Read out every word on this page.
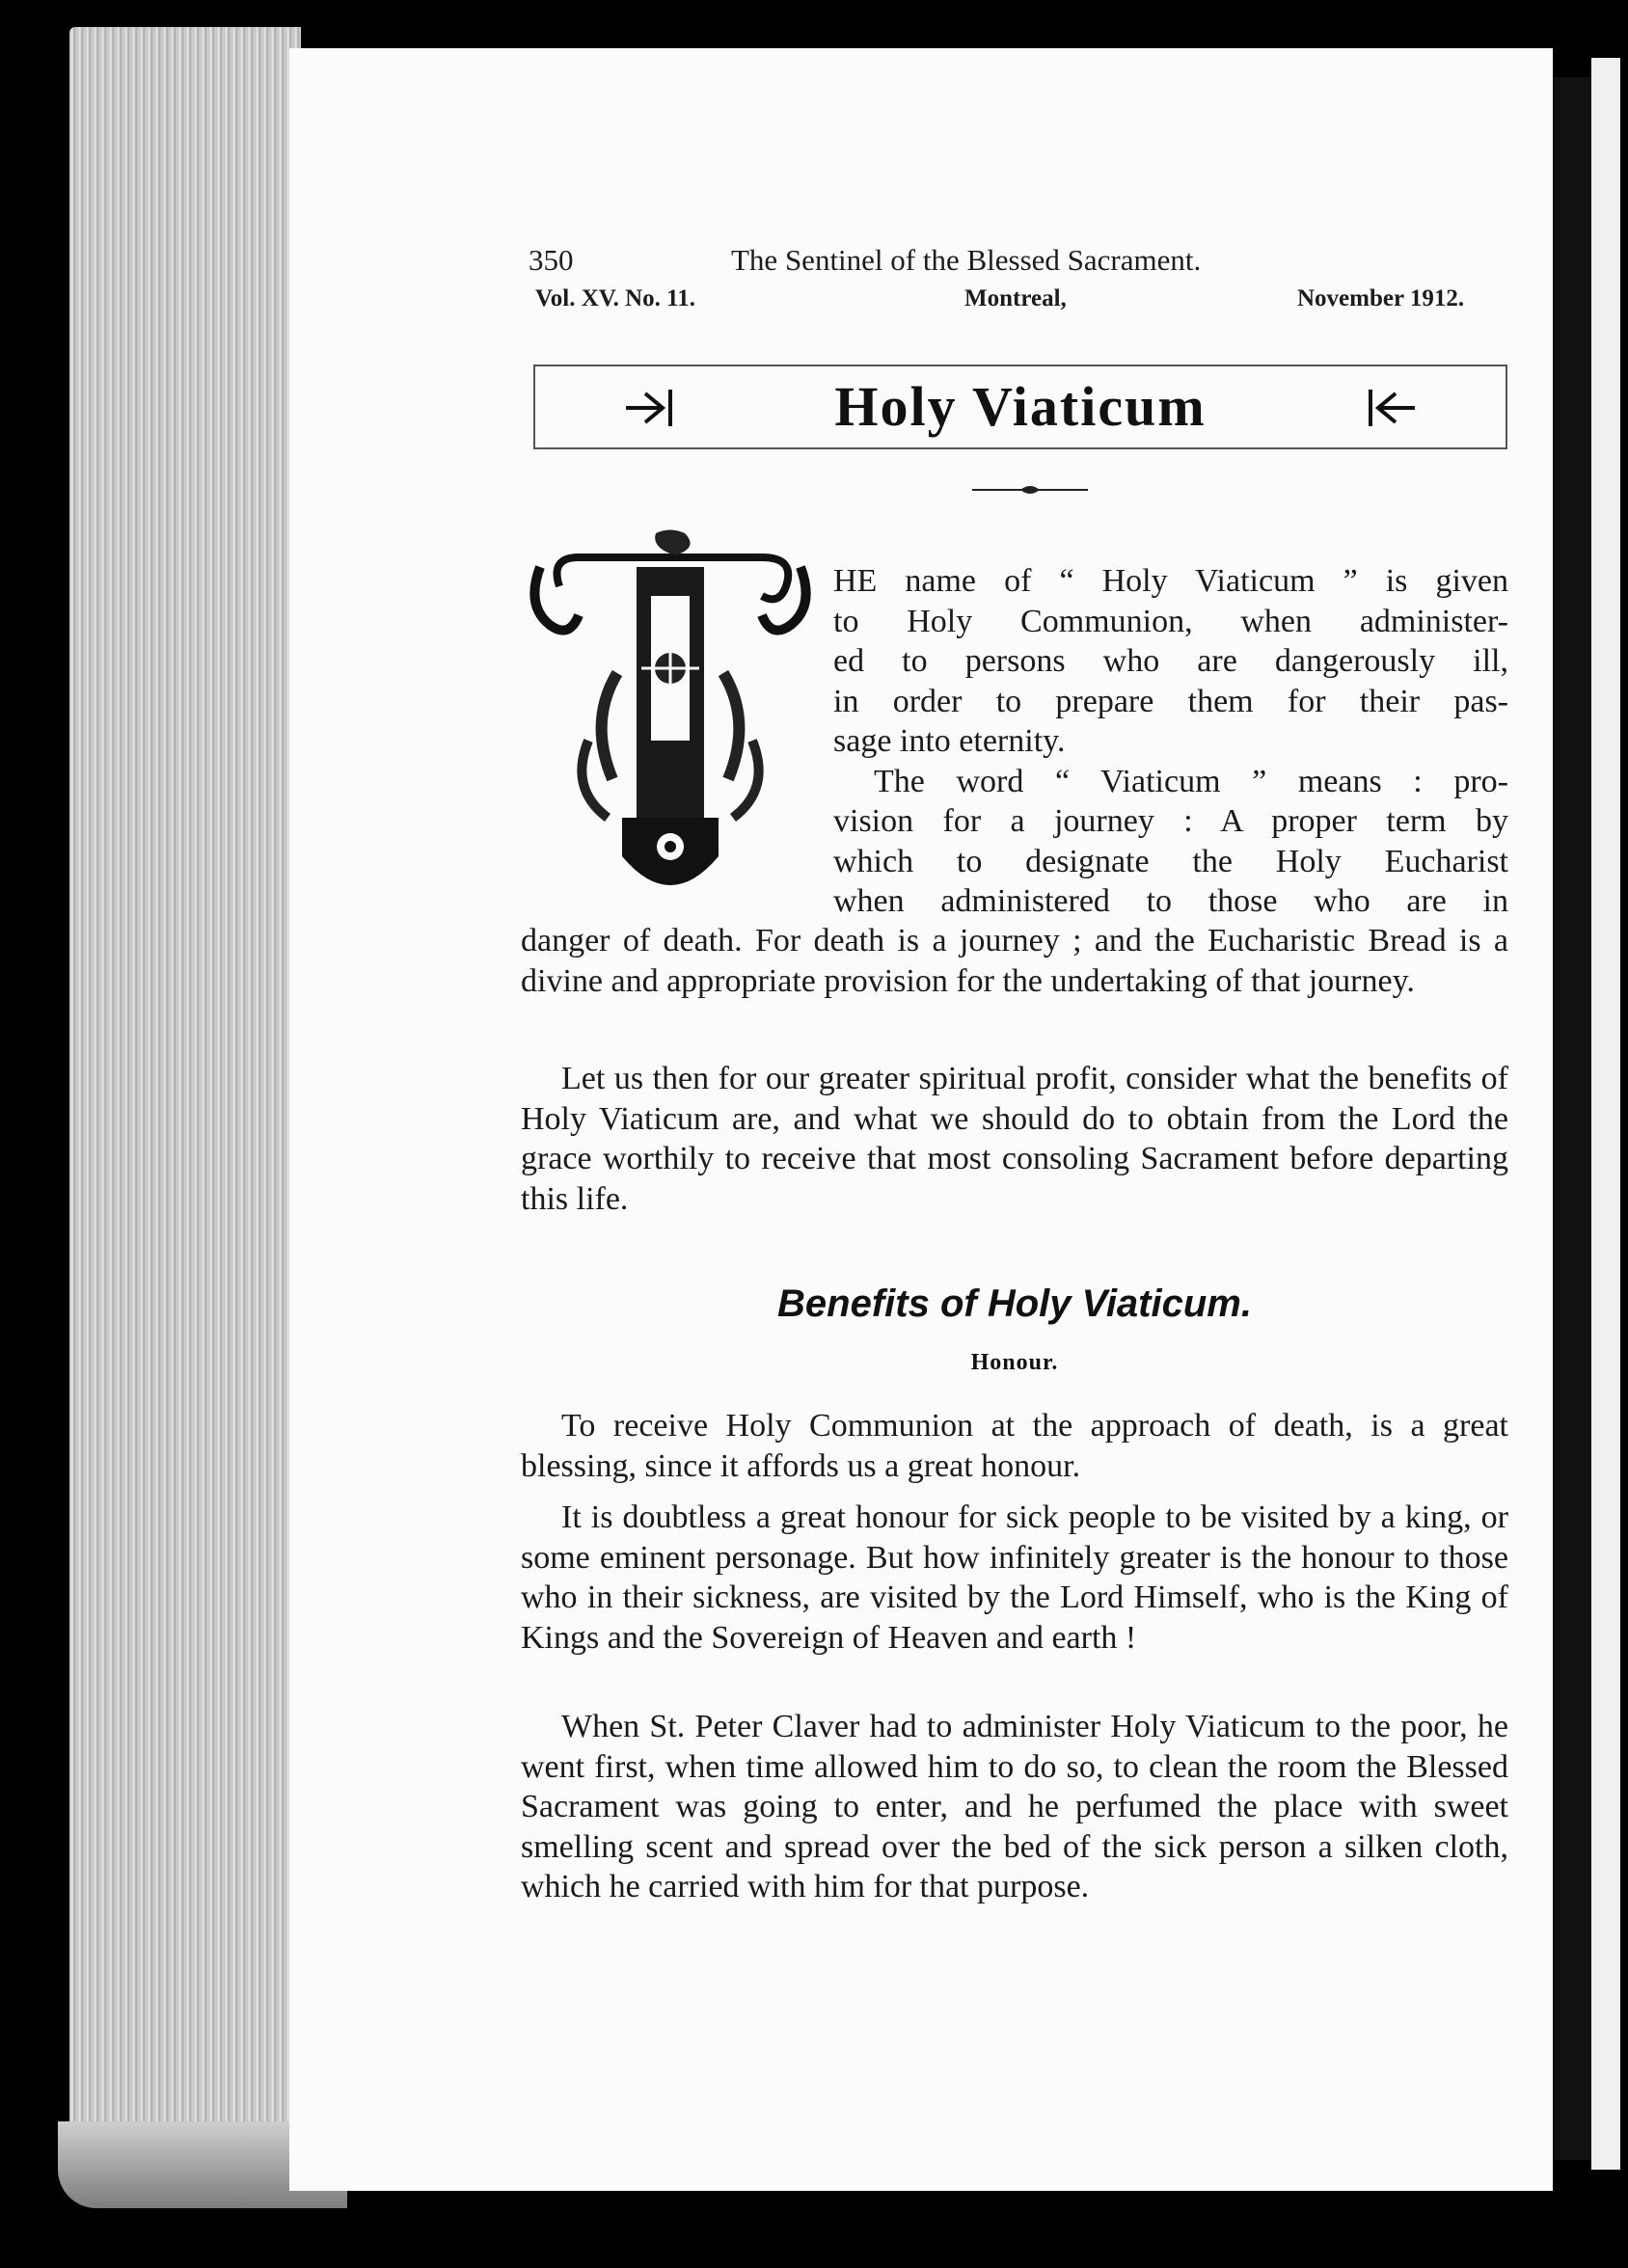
350	The Sentinel of the Blessed Sacrament.
Vol. XV. No. 11.	Montreal,	November 1912.
Holy Viaticum
HE name of “ Holy Viaticum ” is given
to Holy Communion, when administer-
ed to persons who are dangerously ill,
in order to prepare them for their pas-
sage into eternity.
The word “ Viaticum ” means : pro-
vision for a journey : A proper term by
which to designate the Holy Eucharist
when administered to those who are in

danger of death. For death is a journey ; and the Eucharistic Bread is a divine and appropriate provision for the undertaking of that journey.

Let us then for our greater spiritual profit, consider what the benefits of Holy Viaticum are, and what we should do to obtain from the Lord the grace worthily to receive that most consoling Sacrament before departing this life.

Benefits of Holy Viaticum.
Honour.

To receive Holy Communion at the approach of death, is a great blessing, since it affords us a great honour.

It is doubtless a great honour for sick people to be visited by a king, or some eminent personage. But how infinitely greater is the honour to those who in their sickness, are visited by the Lord Himself, who is the King of Kings and the Sovereign of Heaven and earth !

When St. Peter Claver had to administer Holy Viaticum to the poor, he went first, when time allowed him to do so, to clean the room the Blessed Sacrament was going to enter, and he perfumed the place with sweet smelling scent and spread over the bed of the sick person a silken cloth, which he carried with him for that purpose.
